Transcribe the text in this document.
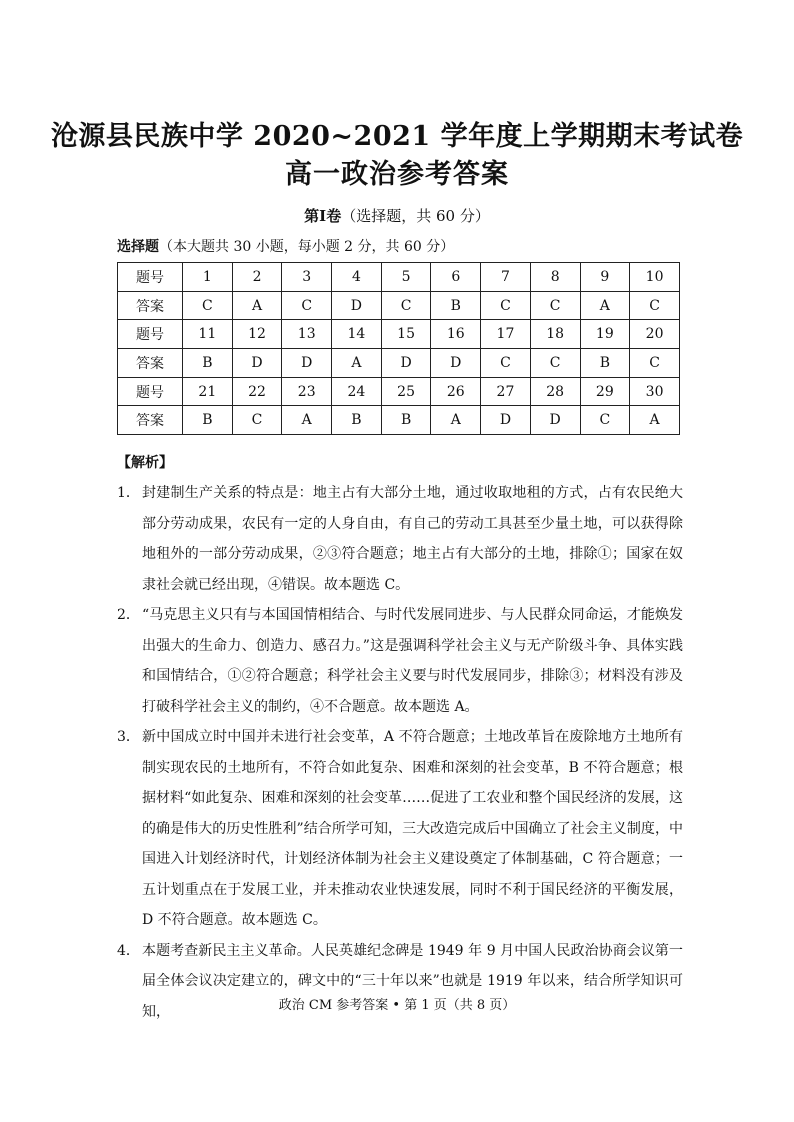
沧源县民族中学 2020~2021 学年度上学期期末考试卷
高一政治参考答案
第Ⅰ卷（选择题，共 60 分）
选择题（本大题共 30 小题，每小题 2 分，共 60 分）
题号	1	2	3	4	5	6	7	8	9	10
答案	C	A	C	D	C	B	C	C	A	C
题号	11	12	13	14	15	16	17	18	19	20
答案	B	D	D	A	D	D	C	C	B	C
题号	21	22	23	24	25	26	27	28	29	30
答案	B	C	A	B	B	A	D	D	C	A
【解析】
1． 封建制生产关系的特点是：地主占有大部分土地，通过收取地租的方式，占有农民绝大部分劳动成果，农民有一定的人身自由，有自己的劳动工具甚至少量土地，可以获得除地租外的一部分劳动成果，②③符合题意；地主占有大部分的土地，排除①；国家在奴隶社会就已经出现，④错误。故本题选 C。
2． “马克思主义只有与本国国情相结合、与时代发展同进步、与人民群众同命运，才能焕发出强大的生命力、创造力、感召力。”这是强调科学社会主义与无产阶级斗争、具体实践和国情结合，①②符合题意；科学社会主义要与时代发展同步，排除③；材料没有涉及打破科学社会主义的制约，④不合题意。故本题选 A。
3． 新中国成立时中国并未进行社会变革，A 不符合题意；土地改革旨在废除地方土地所有制实现农民的土地所有，不符合如此复杂、困难和深刻的社会变革，B 不符合题意；根据材料“如此复杂、困难和深刻的社会变革……促进了工农业和整个国民经济的发展，这的确是伟大的历史性胜利”结合所学可知，三大改造完成后中国确立了社会主义制度，中国进入计划经济时代，计划经济体制为社会主义建设奠定了体制基础，C 符合题意；一五计划重点在于发展工业，并未推动农业快速发展，同时不利于国民经济的平衡发展，D 不符合题意。故本题选 C。
4． 本题考查新民主主义革命。人民英雄纪念碑是 1949 年 9 月中国人民政治协商会议第一届全体会议决定建立的，碑文中的“三十年以来”也就是 1919 年以来，结合所学知识可知，	政治 CM 参考答案 • 第 1 页（共 8 页）
